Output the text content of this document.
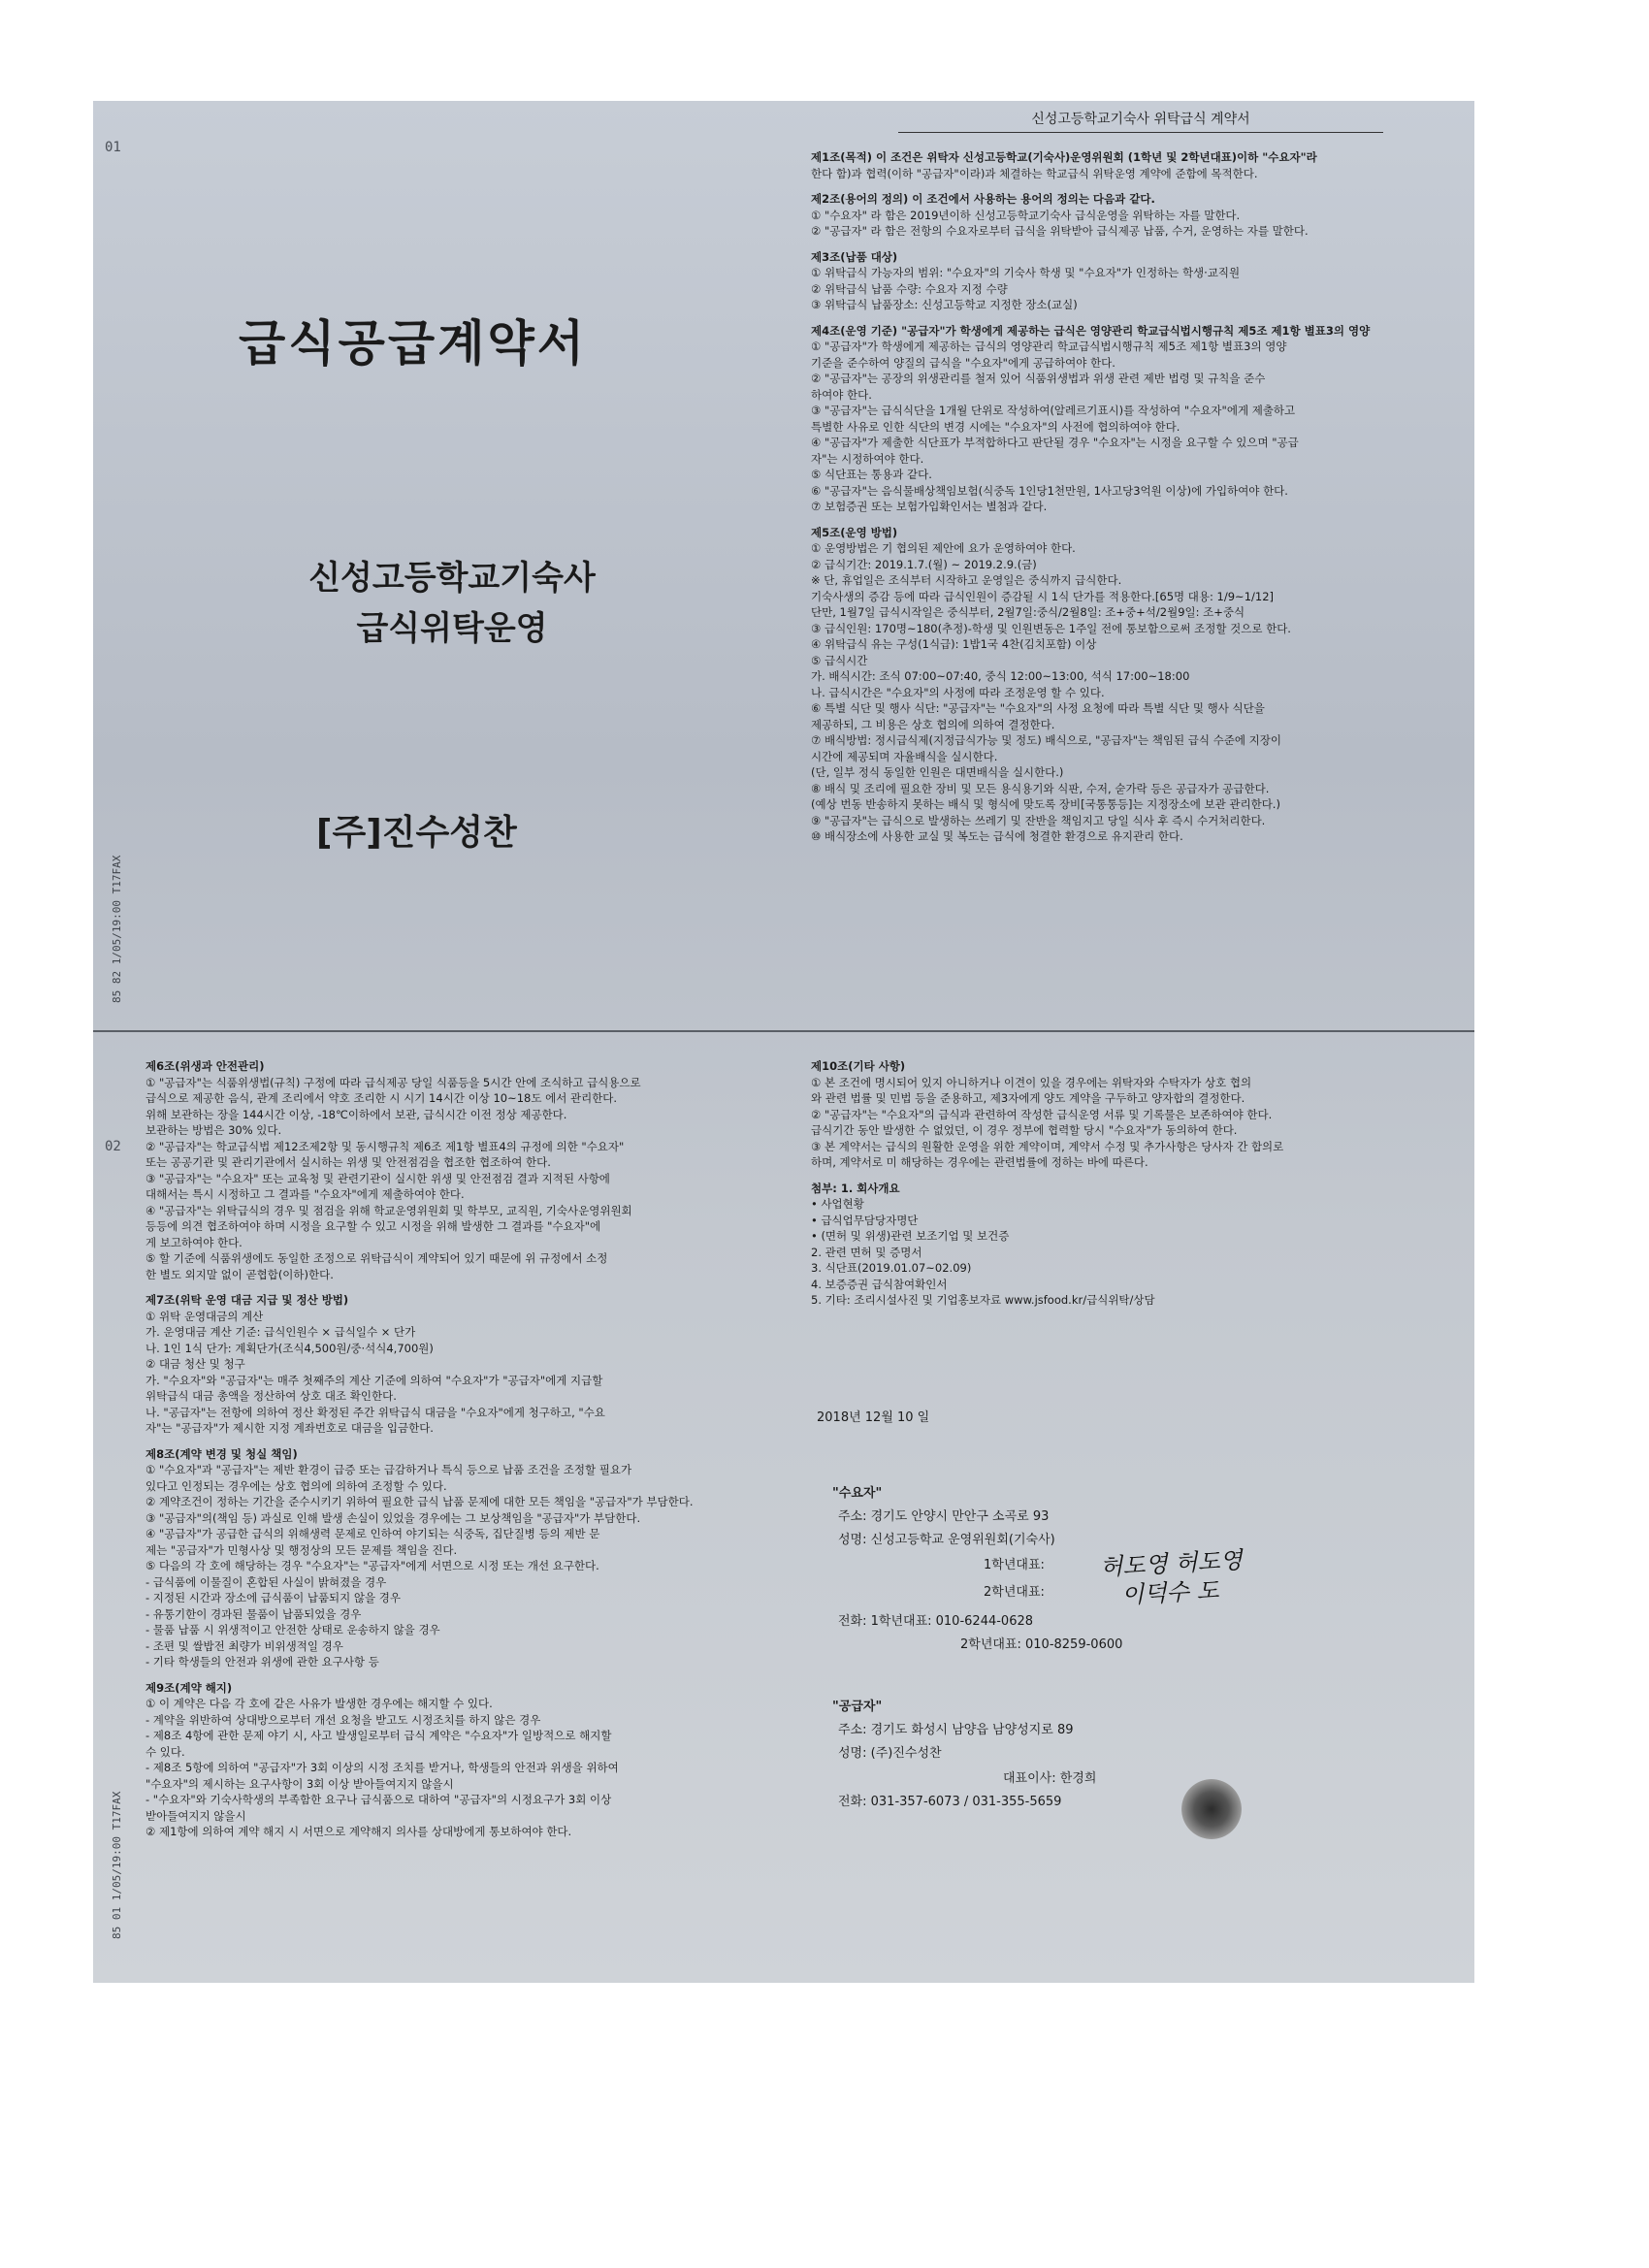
01
02
급식공급계약서
신성고등학교기숙사
급식위탁운영
[주]진수성찬
85 82 1/05/19:00 T17FAX
신성고등학교기숙사 위탁급식 계약서
제1조(목적) 이 조건은 위탁자 신성고등학교(기숙사)운영위원회 (1학년 및 2학년대표)이하 "수요자"라
한다 함)과 협력(이하 "공급자"이라)과 체결하는 학교급식 위탁운영 계약에 준함에 목적한다.
제2조(용어의 정의) 이 조건에서 사용하는 용어의 정의는 다음과 같다.
① "수요자" 라 함은 2019년이하 신성고등학교기숙사 급식운영을 위탁하는 자를 말한다.
② "공급자" 라 함은 전항의 수요자로부터 급식을 위탁받아 급식제공 납품, 수거, 운영하는 자를 말한다.
제3조(납품 대상)
① 위탁급식 가능자의 범위: "수요자"의 기숙사 학생 및 "수요자"가 인정하는 학생·교직원
② 위탁급식 납품 수량: 수요자 지정 수량
③ 위탁급식 납품장소: 신성고등학교 지정한 장소(교실)
제4조(운영 기준) "공급자"가 학생에게 제공하는 급식은 영양관리 학교급식법시행규칙 제5조 제1항 별표3의 영양
① "공급자"가 학생에게 제공하는 급식의 영양관리 학교급식법시행규칙 제5조 제1항 별표3의 영양
기준을 준수하여 양질의 급식을 "수요자"에게 공급하여야 한다.
② "공급자"는 공장의 위생관리를 철저 있어 식품위생법과 위생 관련 제반 법령 및 규칙을 준수
하여야 한다.
③ "공급자"는 급식식단을 1개월 단위로 작성하여(알레르기표시)를 작성하여 "수요자"에게 제출하고
특별한 사유로 인한 식단의 변경 시에는 "수요자"의 사전에 협의하여야 한다.
④ "공급자"가 제출한 식단표가 부적합하다고 판단될 경우 "수요자"는 시정을 요구할 수 있으며 "공급
자"는 시정하여야 한다.
⑤ 식단표는 통용과 같다.
⑥ "공급자"는 음식물배상책임보험(식중독 1인당1천만원, 1사고당3억원 이상)에 가입하여야 한다.
⑦ 보험증권 또는 보험가입확인서는 별첨과 같다.
제5조(운영 방법)
① 운영방법은 기 협의된 제안에 요가 운영하여야 한다.
② 급식기간: 2019.1.7.(월) ~ 2019.2.9.(금)
※ 단, 휴업일은 조식부터 시작하고 운영일은 중식까지 급식한다.
기숙사생의 증감 등에 따라 급식인원이 증감될 시 1식 단가를 적용한다.[65명 대용: 1/9~1/12]
단만, 1월7일 급식시작일은 중식부터, 2월7일:중식/2월8일: 조+중+석/2월9일: 조+중식
③ 급식인원: 170명~180(추정)-학생 및 인원변동은 1주일 전에 통보함으로써 조정할 것으로 한다.
④ 위탁급식 유는 구성(1식급): 1밥1국 4찬(김치포함) 이상
⑤ 급식시간
가. 배식시간: 조식 07:00~07:40, 중식 12:00~13:00, 석식 17:00~18:00
나. 급식시간은 "수요자"의 사정에 따라 조정운영 할 수 있다.
⑥ 특별 식단 및 행사 식단: "공급자"는 "수요자"의 사정 요청에 따라 특별 식단 및 행사 식단을
제공하되, 그 비용은 상호 협의에 의하여 결정한다.
⑦ 배식방법: 정시급식제(지정급식가능 및 정도) 배식으로, "공급자"는 책임된 급식 수준에 지장이
시간에 제공되며 자율배식을 실시한다.
(단, 일부 정식 동일한 인원은 대면배식을 실시한다.)
⑧ 배식 및 조리에 필요한 장비 및 모든 용식용기와 식판, 수저, 숟가락 등은 공급자가 공급한다.
(예상 번동 반송하지 못하는 배식 및 형식에 맞도록 장비[국통통등]는 지정장소에 보관 관리한다.)
⑨ "공급자"는 급식으로 발생하는 쓰레기 및 잔반을 책임지고 당일 식사 후 즉시 수거처리한다.
⑩ 배식장소에 사용한 교실 및 복도는 급식에 청결한 환경으로 유지관리 한다.
제6조(위생과 안전관리)
① "공급자"는 식품위생법(규칙) 구정에 따라 급식제공 당일 식품등을 5시간 안에 조식하고 급식용으로
급식으로 제공한 음식, 관계 조리에서 약호 조리한 시 시기 14시간 이상 10~18도 에서 관리한다.
위해 보관하는 장을 144시간 이상, -18℃이하에서 보관, 급식시간 이전 정상 제공한다.
보관하는 방법은 30% 있다.
② "공급자"는 학교급식법 제12조제2항 및 동시행규칙 제6조 제1항 별표4의 규정에 의한 "수요자"
또는 공공기관 및 관리기관에서 실시하는 위생 및 안전점검을 협조한 협조하여 한다.
③ "공급자"는 "수요자" 또는 교육청 및 관련기관이 실시한 위생 및 안전점검 결과 지적된 사항에
대해서는 특시 시정하고 그 결과를 "수요자"에게 제출하여야 한다.
④ "공급자"는 위탁급식의 경우 및 점검을 위해 학교운영위원회 및 학부모, 교직원, 기숙사운영위원회
등등에 의견 협조하여야 하며 시정을 요구할 수 있고 시정을 위해 발생한 그 결과를 "수요자"에
게 보고하여야 한다.
⑤ 할 기준에 식품위생에도 동일한 조정으로 위탁급식이 계약되어 있기 때문에 위 규정에서 소정
한 별도 외지말 없이 곧협합(이하)한다.
제7조(위탁 운영 대금 지급 및 정산 방법)
① 위탁 운영대금의 계산
가. 운영대금 계산 기준: 급식인원수 × 급식일수 × 단가
나. 1인 1식 단가: 계획단가(조식4,500원/중·석식4,700원)
② 대금 청산 및 청구
가. "수요자"와 "공급자"는 매주 첫째주의 계산 기준에 의하여 "수요자"가 "공급자"에게 지급할
위탁급식 대금 총액을 정산하여 상호 대조 확인한다.
나. "공급자"는 전항에 의하여 정산 확정된 주간 위탁급식 대금을 "수요자"에게 청구하고, "수요
자"는 "공급자"가 제시한 지정 계좌번호로 대금을 입금한다.
제8조(계약 변경 및 청실 책임)
① "수요자"과 "공급자"는 제반 환경이 급증 또는 급감하거나 특식 등으로 납품 조건을 조정할 필요가
있다고 인정되는 경우에는 상호 협의에 의하여 조정할 수 있다.
② 계약조건이 정하는 기간을 준수시키기 위하여 필요한 급식 납품 문제에 대한 모든 책임을 "공급자"가 부담한다.
③ "공급자"의(책임 등) 과실로 인해 발생 손실이 있었을 경우에는 그 보상책임을 "공급자"가 부담한다.
④ "공급자"가 공급한 급식의 위해생력 문제로 인하여 야기되는 식중독, 집단질병 등의 제반 문
제는 "공급자"가 민형사상 및 행정상의 모든 문제를 책임을 진다.
⑤ 다음의 각 호에 해당하는 경우 "수요자"는 "공급자"에게 서면으로 시정 또는 개선 요구한다.
- 급식품에 이물질이 혼합된 사실이 밝혀졌을 경우
- 지정된 시간과 장소에 급식품이 납품되지 않을 경우
- 유통기한이 경과된 물품이 납품되었을 경우
- 물품 납품 시 위생적이고 안전한 상태로 운송하지 않을 경우
- 조편 및 쌀밥전 최량가 비위생적일 경우
- 기타 학생들의 안전과 위생에 관한 요구사항 등
제9조(계약 해지)
① 이 계약은 다음 각 호에 같은 사유가 발생한 경우에는 해지할 수 있다.
- 계약을 위반하여 상대방으로부터 개선 요청을 받고도 시정조치를 하지 않은 경우
- 제8조 4항에 관한 문제 야기 시, 사고 발생일로부터 급식 계약은 "수요자"가 일방적으로 해지할
수 있다.
- 제8조 5항에 의하여 "공급자"가 3회 이상의 시정 조치를 받거나, 학생들의 안전과 위생을 위하여
"수요자"의 제시하는 요구사항이 3회 이상 받아들여지지 않을시
- "수요자"와 기숙사학생의 부족함한 요구나 급식품으로 대하여 "공급자"의 시정요구가 3회 이상
받아들여지지 않을시
② 제1항에 의하여 계약 해지 시 서면으로 계약해지 의사를 상대방에게 통보하여야 한다.
85 01 1/05/19:00 T17FAX
제10조(기타 사항)
① 본 조건에 명시되어 있지 아니하거나 이견이 있을 경우에는 위탁자와 수탁자가 상호 협의
와 관련 법률 및 민법 등을 준용하고, 제3자에게 양도 계약을 구두하고 양자합의 결정한다.
② "공급자"는 "수요자"의 급식과 관련하여 작성한 급식운영 서류 및 기록물은 보존하여야 한다.
급식기간 동안 발생한 수 없었던, 이 경우 정부에 협력할 당시 "수요자"가 동의하여 한다.
③ 본 계약서는 급식의 원활한 운영을 위한 계약이며, 계약서 수정 및 추가사항은 당사자 간 합의로
하며, 계약서로 미 해당하는 경우에는 관련법률에 정하는 바에 따른다.
첨부: 1. 회사개요
• 사업현황
• 급식업무담당자명단
• (면허 및 위생)관련 보조기업 및 보건증
2. 관련 면허 및 증명서
3. 식단표(2019.01.07~02.09)
4. 보증증권 급식참여확인서
5. 기타: 조리시설사진 및 기업홍보자료 www.jsfood.kr/급식위탁/상담
2018년 12월 10 일
"수요자"
주소: 경기도 안양시 만안구 소곡로 93
성명: 신성고등학교 운영위원회(기숙사)
1학년대표: 허도영 허도영
2학년대표:	이덕수 도
전화: 1학년대표: 010-6244-0628
2학년대표: 010-8259-0600
"공급자"
주소: 경기도 화성시 남양읍 남양성지로 89
성명: (주)진수성찬
대표이사: 한경희
전화: 031-357-6073 / 031-355-5659
